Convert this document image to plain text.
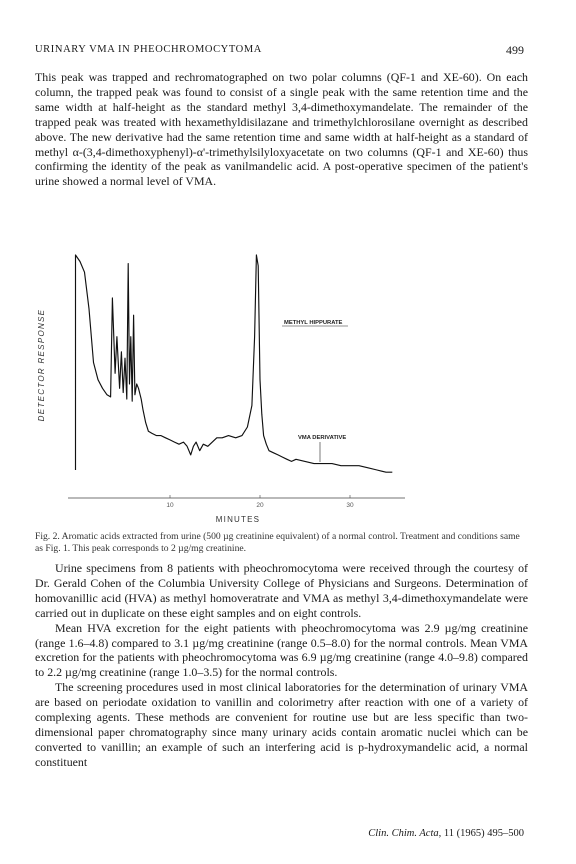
URINARY VMA IN PHEOCHROMOCYTOMA	499

This peak was trapped and rechromatographed on two polar columns (QF-1 and XE-60). On each column, the trapped peak was found to consist of a single peak with the same retention time and the same width at half-height as the standard methyl 3,4-dimethoxymandelate. The remainder of the trapped peak was treated with hexamethyldisilazane and trimethylchlorosilane overnight as described above. The new derivative had the same retention time and same width at half-height as a standard of methyl α-(3,4-dimethoxyphenyl)-α'-trimethylsilyloxyacetate on two columns (QF-1 and XE-60) thus confirming the identity of the peak as vanilmandelic acid. A post-operative specimen of the patient's urine showed a normal level of VMA.

DETECTOR RESPONSE
10	20	30
MINUTES
METHYL HIPPURATE
VMA DERIVATIVE

Fig. 2. Aromatic acids extracted from urine (500 µg creatinine equivalent) of a normal control. Treatment and conditions same as Fig. 1. This peak corresponds to 2 µg/mg creatinine.

Urine specimens from 8 patients with pheochromocytoma were received through the courtesy of Dr. Gerald Cohen of the Columbia University College of Physicians and Surgeons. Determination of homovanillic acid (HVA) as methyl homoveratrate and VMA as methyl 3,4-dimethoxymandelate were carried out in duplicate on these eight samples and on eight controls.

Mean HVA excretion for the eight patients with pheochromocytoma was 2.9 µg/mg creatinine (range 1.6–4.8) compared to 3.1 µg/mg creatinine (range 0.5–8.0) for the normal controls. Mean VMA excretion for the patients with pheochromocytoma was 6.9 µg/mg creatinine (range 4.0–9.8) compared to 2.2 µg/mg creatinine (range 1.0–3.5) for the normal controls.

The screening procedures used in most clinical laboratories for the determination of urinary VMA are based on periodate oxidation to vanillin and colorimetry after reaction with one of a variety of complexing agents. These methods are convenient for routine use but are less specific than two-dimensional paper chromatography since many urinary acids contain aromatic nuclei which can be converted to vanillin; an example of such an interfering acid is p-hydroxymandelic acid, a normal constituent

Clin. Chim. Acta, 11 (1965) 495–500
